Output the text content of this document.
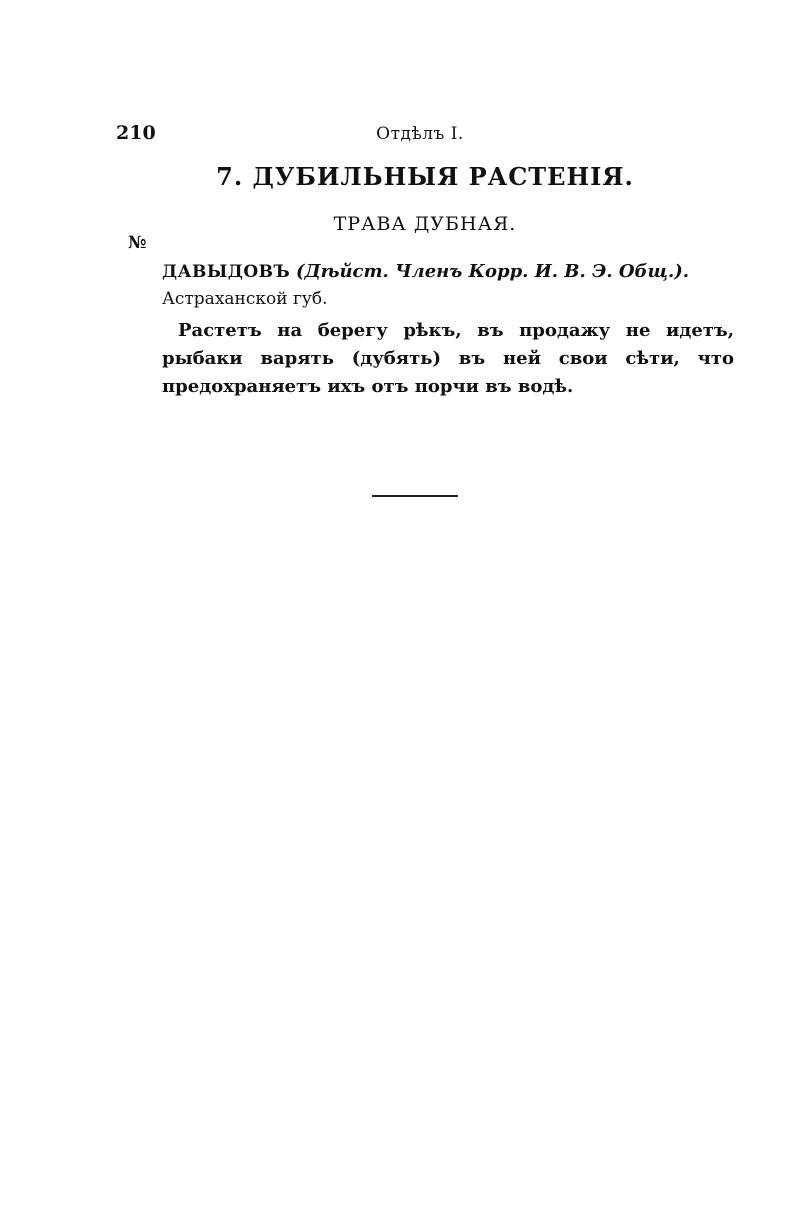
210	Отдѣлъ I.
7. ДУБИЛЬНЫЯ РАСТЕНІЯ.
ТРАВА ДУБНАЯ.
№
ДАВЫДОВЪ (Дѣйст. Членъ Корр. И. В. Э. Общ.).
Астраханской губ.
Растетъ на берегу рѣкъ, въ продажу не идетъ, рыбаки варять (дубять) въ ней свои сѣти, что предохраняетъ ихъ отъ порчи въ водѣ.
